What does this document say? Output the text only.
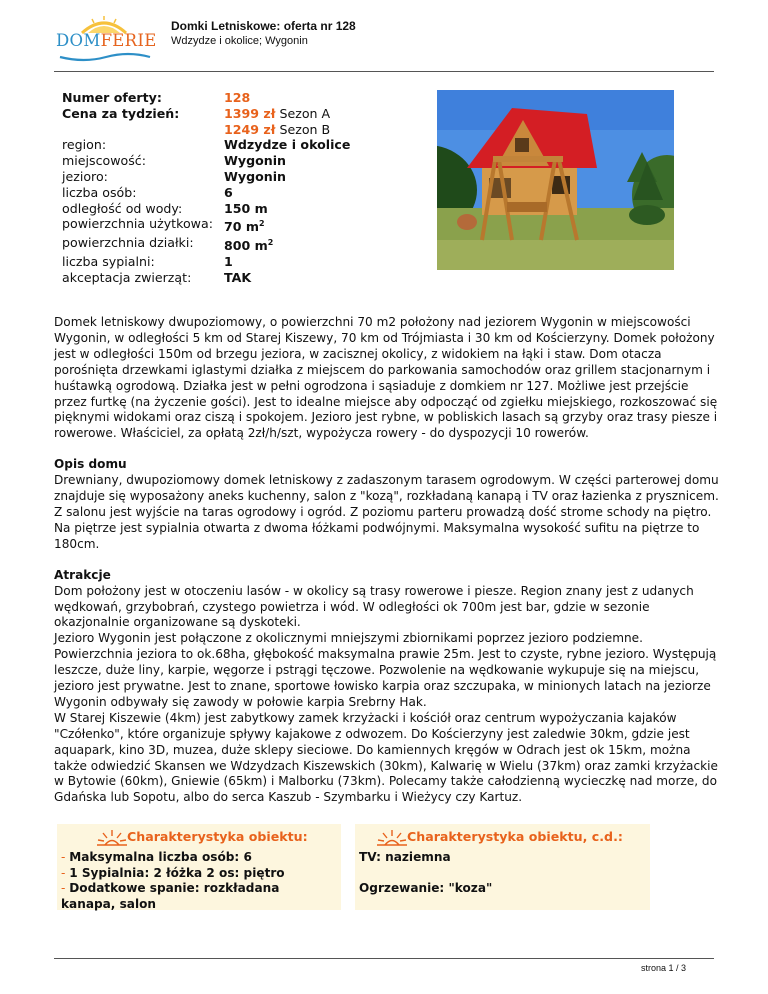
DOMFERIE
Domki Letniskowe: oferta nr 128
Wdzydze i okolice; Wygonin
Numer oferty:	128
Cena za tydzień:	1399 zł Sezon A
1249 zł Sezon B
region:	Wdzydze i okolice
miejscowość:	Wygonin
jezioro:	Wygonin
liczba osób:	6
odległość od wody:	150 m
powierzchnia użytkowa: 70 $m^2$
powierzchnia działki:	800 $m^2$
liczba sypialni:	1
akceptacja zwierząt:	TAK

Domek letniskowy dwupoziomowy, o powierzchni 70 m2 położony nad jeziorem Wygonin w miejscowości Wygonin, w odległości 5 km od Starej Kiszewy, 70 km od Trójmiasta i 30 km od Kościerzyny. Domek położony jest w odległości 150m od brzegu jeziora, w zacisznej okolicy, z widokiem na łąki i staw. Dom otacza porośnięta drzewkami iglastymi działka z miejscem do parkowania samochodów oraz grillem stacjonarnym i huśtawką ogrodową. Działka jest w pełni ogrodzona i sąsiaduje z domkiem nr 127. Możliwe jest przejście przez furtkę (na życzenie gości). Jest to idealne miejsce aby odpocząć od zgiełku miejskiego, rozkoszować się pięknymi widokami oraz ciszą i spokojem. Jezioro jest rybne, w pobliskich lasach są grzyby oraz trasy piesze i rowerowe. Właściciel, za opłatą 2zł/h/szt, wypożycza rowery - do dyspozycji 10 rowerów.

Opis domu

Drewniany, dwupoziomowy domek letniskowy z zadaszonym tarasem ogrodowym. W części parterowej domu znajduje się wyposażony aneks kuchenny, salon z "kozą", rozkładaną kanapą i TV oraz łazienka z prysznicem. Z salonu jest wyjście na taras ogrodowy i ogród. Z poziomu parteru prowadzą dość strome schody na piętro. Na piętrze jest sypialnia otwarta z dwoma łóżkami podwójnymi. Maksymalna wysokość sufitu na piętrze to 180cm.

Atrakcje

Dom położony jest w otoczeniu lasów - w okolicy są trasy rowerowe i piesze. Region znany jest z udanych wędkowań, grzybobrań, czystego powietrza i wód. W odległości ok 700m jest bar, gdzie w sezonie okazjonalnie organizowane są dyskoteki.

Jezioro Wygonin jest połączone z okolicznymi mniejszymi zbiornikami poprzez jezioro podziemne. Powierzchnia jeziora to ok.68ha, głębokość maksymalna prawie 25m. Jest to czyste, rybne jezioro. Występują leszcze, duże liny, karpie, węgorze i pstrągi tęczowe. Pozwolenie na wędkowanie wykupuje się na miejscu, jezioro jest prywatne. Jest to znane, sportowe łowisko karpia oraz szczupaka, w minionych latach na jeziorze Wygonin odbywały się zawody w połowie karpia Srebrny Hak.

W Starej Kiszewie (4km) jest zabytkowy zamek krzyżacki i kościół oraz centrum wypożyczania kajaków "Czółenko", które organizuje spływy kajakowe z odwozem. Do Kościerzyny jest zaledwie 30km, gdzie jest aquapark, kino 3D, muzea, duże sklepy sieciowe. Do kamiennych kręgów w Odrach jest ok 15km, można także odwiedzić Skansen we Wdzydzach Kiszewskich (30km), Kalwarię w Wielu (37km) oraz zamki krzyżackie w Bytowie (60km), Gniewie (65km) i Malborku (73km). Polecamy także całodzienną wycieczkę nad morze, do Gdańska lub Sopotu, albo do serca Kaszub - Szymbarku i Wieżycy czy Kartuz.

Charakterystyka obiektu:
- Maksymalna liczba osób: 6
- 1 Sypialnia: 2 łóżka 2 os: piętro
- Dodatkowe spanie: rozkładana kanapa, salon
Charakterystyka obiektu, c.d.:
TV: naziemna
Ogrzewanie: "koza"
strona 1 / 3
